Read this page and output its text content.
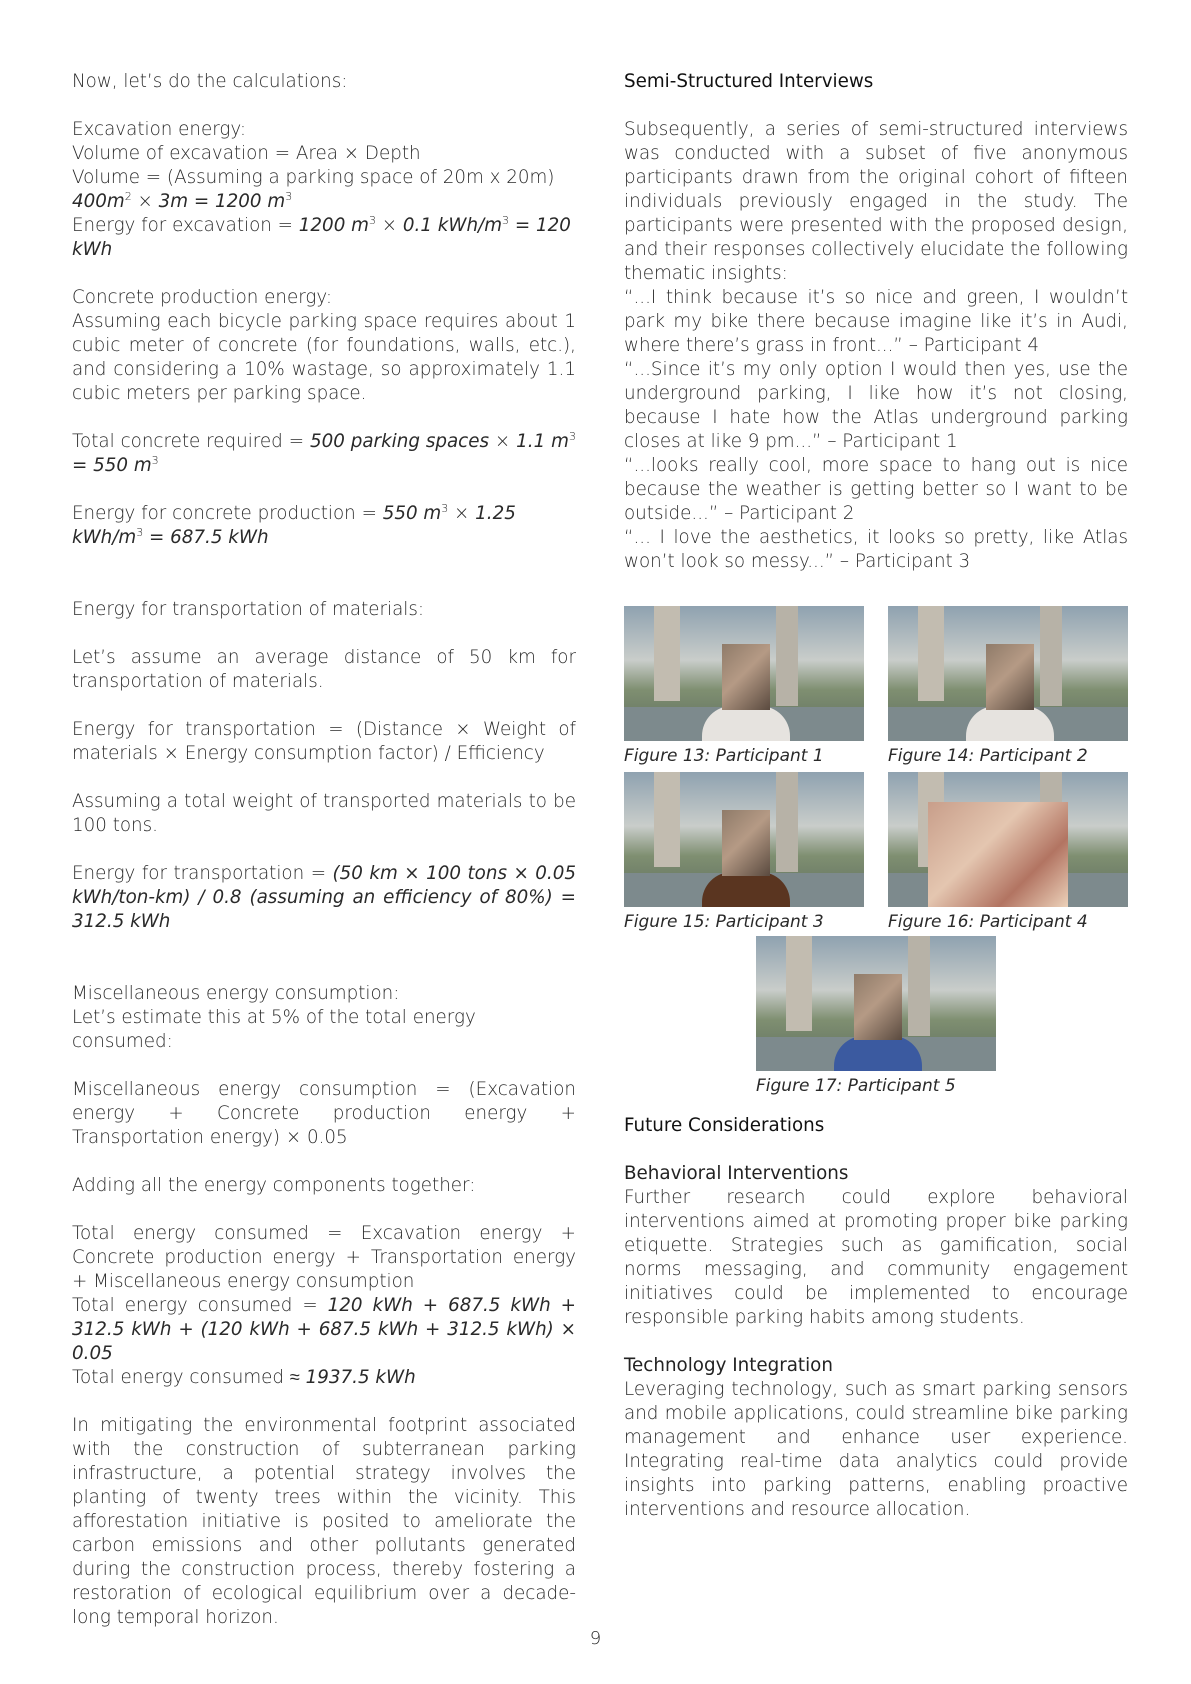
Now, let’s do the calculations:

Excavation energy:

Volume of excavation = Area × Depth

Volume = (Assuming a parking space of 20m x 20m)

$400m^2 \times 3m = 1200$ $m^3$

Energy for excavation = 1200 $m^3 \times 0.1$ kWh/$m^3 = 120$ kWh

Concrete production energy:

Assuming each bicycle parking space requires about 1 cubic meter of concrete (for foundations, walls, etc.), and considering a 10% wastage, so approximately 1.1 cubic meters per parking space.

Total concrete required = 500 parking spaces × 1.1 $m^3 = 550$ $m^3$

Energy for concrete production = 550 $m^3 \times 1.25$ kWh/$m^3 = 687.5$ kWh

Energy for transportation of materials:

Let’s assume an average distance of 50 km for transportation of materials.

Energy for transportation = (Distance × Weight of materials × Energy consumption factor) / Efficiency

Assuming a total weight of transported materials to be 100 tons.

Energy for transportation = (50 km × 100 tons × 0.05 kWh/ton-km) / 0.8 (assuming an efficiency of 80%) = 312.5 kWh

Miscellaneous energy consumption:

Let’s estimate this at 5% of the total energy consumed:

Miscellaneous energy consumption = (Excavation energy + Concrete production energy + Transportation energy) × 0.05

Adding all the energy components together:

Total energy consumed = Excavation energy + Concrete production energy + Transportation energy + Miscellaneous energy consumption

Total energy consumed = 120 kWh + 687.5 kWh + 312.5 kWh + (120 kWh + 687.5 kWh + 312.5 kWh) × 0.05

Total energy consumed ≈ 1937.5 kWh

In mitigating the environmental footprint associated with the construction of subterranean parking infrastructure, a potential strategy involves the planting of twenty trees within the vicinity. This afforestation initiative is posited to ameliorate the carbon emissions and other pollutants generated during the construction process, thereby fostering a restoration of ecological equilibrium over a decade-long temporal horizon.

Semi-Structured Interviews

Subsequently, a series of semi-structured interviews was conducted with a subset of five anonymous participants drawn from the original cohort of fifteen individuals previously engaged in the study. The participants were presented with the proposed design, and their responses collectively elucidate the following thematic insights:

“...I think because it’s so nice and green, I wouldn’t park my bike there because imagine like it’s in Audi, where there’s grass in front...” – Participant 4

“...Since it’s my only option I would then yes, use the underground parking, I like how it’s not closing, because I hate how the Atlas underground parking closes at like 9 pm...” – Participant 1

“...looks really cool, more space to hang out is nice because the weather is getting better so I want to be outside...” – Participant 2

“... I love the aesthetics, it looks so pretty, like Atlas won’t look so messy...” – Participant 3

Figure 13: Participant 1	Figure 14: Participant 2
Figure 15: Participant 3	Figure 16: Participant 4
Figure 17: Participant 5
Future Considerations

Behavioral Interventions

Further research could explore behavioral interventions aimed at promoting proper bike parking etiquette. Strategies such as gamification, social norms messaging, and community engagement initiatives could be implemented to encourage responsible parking habits among students.

Technology Integration

Leveraging technology, such as smart parking sensors and mobile applications, could streamline bike parking management and enhance user experience. Integrating real-time data analytics could provide insights into parking patterns, enabling proactive interventions and resource allocation.

9
